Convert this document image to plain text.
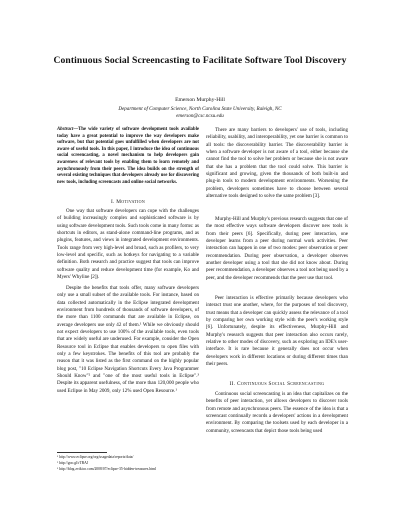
Continuous Social Screencasting to Facilitate Software Tool Discovery
Emerson Murphy-Hill
Department of Computer Science, North Carolina State University, Raleigh, NC
emerson@csc.ncsu.edu
Abstract—The wide variety of software development tools available today have a great potential to improve the way developers make software, but that potential goes unfulfilled when developers are not aware of useful tools. In this paper, I introduce the idea of continuous social screencasting, a novel mechanism to help developers gain awareness of relevant tools by enabling them to learn remotely and asynchronously from their peers. The idea builds on the strength of several existing techniques that developers already use for discovering new tools, including screencasts and online social networks.
I. Motivation
One way that software developers can cope with the challenges of building increasingly complex and sophisticated software is by using software development tools. Such tools come in many forms: as shortcuts in editors, as stand-alone command-line programs, and as plugins, features, and views in integrated development environments. Tools range from very high-level and broad, such as profilers, to very low-level and specific, such as hotkeys for navigating to a variable definition. Both research and practice suggest that tools can improve software quality and reduce development time (for example, Ko and Myers' Whyline [2]).
Despite the benefits that tools offer, many software developers only use a small subset of the available tools. For instance, based on data collected automatically in the Eclipse integrated development environment from hundreds of thousands of software developers, of the more than 1100 commands that are available in Eclipse, on average developers use only 42 of them.¹ While we obviously should not expect developers to use 100% of the available tools, even tools that are widely useful are underused. For example, consider the Open Resource tool in Eclipse that enables developers to open files with only a few keystrokes. The benefits of this tool are probably the reason that it was listed as the first command on the highly popular blog post, "10 Eclipse Navigation Shortcuts Every Java Programmer Should Know"² and "one of the most useful tools in Eclipse".³ Despite its apparent usefulness, of the more than 120,000 people who used Eclipse in May 2009, only 12% used Open Resource.¹
¹ http://www.eclipse.org/org/usagedata/reports/data/
² http://goo.gl/rTBAJ
³ http://blog.zvikico.com/2008/07/eclipse-35-hidden-treasures.html
There are many barriers to developers' use of tools, including reliability, usability, and interoperability, yet one barrier is common to all tools: the discoverability barrier. The discoverability barrier is when a software developer is not aware of a tool, either because she cannot find the tool to solve her problem or because she is not aware that she has a problem that the tool could solve. This barrier is significant and growing, given the thousands of both built-in and plug-in tools to modern development environments. Worsening the problem, developers sometimes have to choose between several alternative tools designed to solve the same problem [3].
Murphy-Hill and Murphy's previous research suggests that one of the most effective ways software developers discover new tools is from their peers [6]. Specifically, during peer interaction, one developer learns from a peer during normal work activities. Peer interaction can happen in one of two modes: peer observation or peer recommendation. During peer observation, a developer observes another developer using a tool that she did not know about. During peer recommendation, a developer observes a tool not being used by a peer, and the developer recommends that the peer use that tool.
Peer interaction is effective primarily because developers who interact trust one another, where, for the purposes of tool discovery, trust means that a developer can quickly assess the relevance of a tool by comparing her own working style with the peer's working style [6]. Unfortunately, despite its effectiveness, Murphy-Hill and Murphy's research suggests that peer interaction also occurs rarely, relative to other modes of discovery, such as exploring an IDE's user-interface. It is rare because it generally does not occur when developers work in different locations or during different times than their peers.
II. Continuous Social Screencasting
Continuous social screencasting is an idea that capitalizes on the benefits of peer interaction, yet allows developers to discover tools from remote and asynchronous peers. The essence of the idea is that a screencast continually records a developers' actions in a development environment. By comparing the toolsets used by each developer in a community, screencasts that depict those tools being used
